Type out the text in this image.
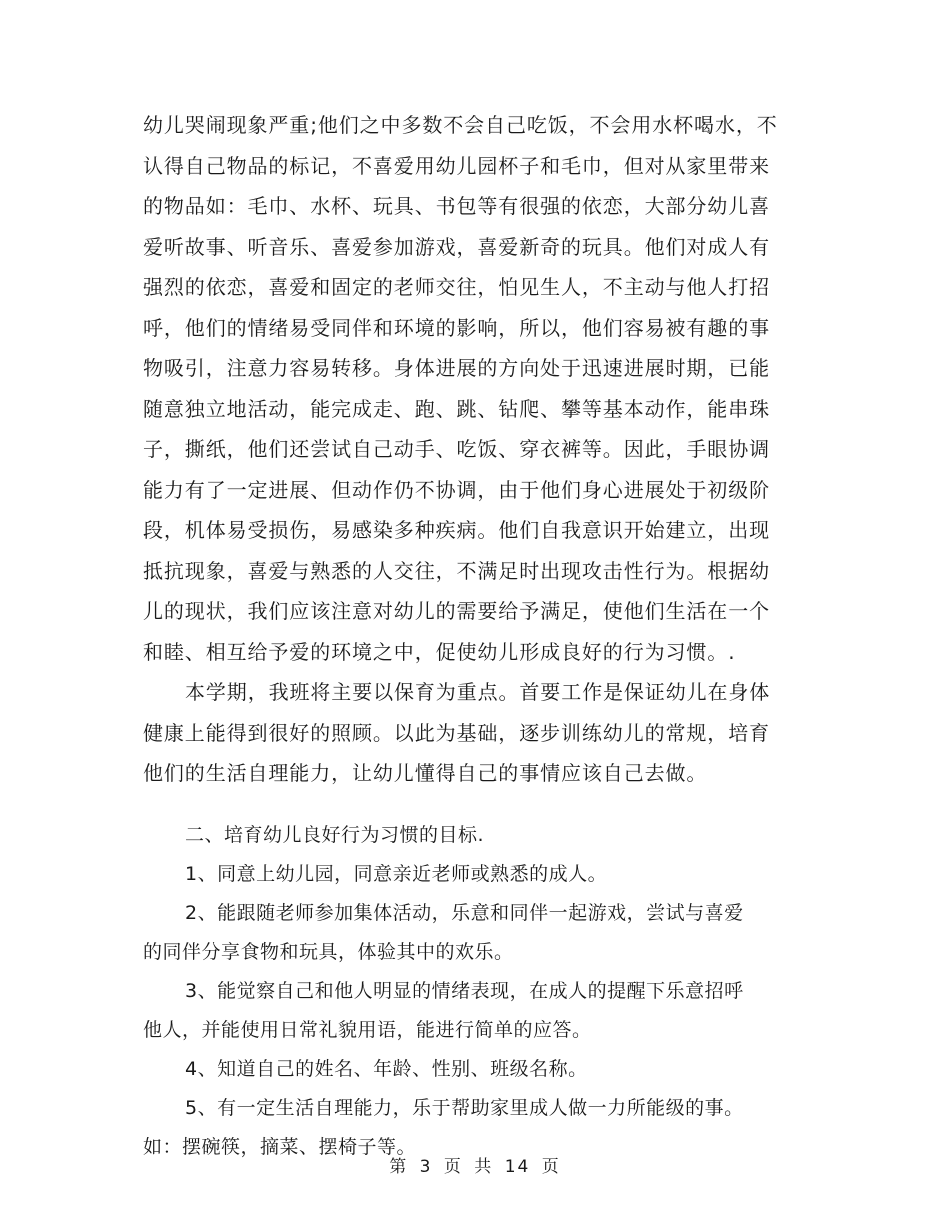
幼儿哭闹现象严重;他们之中多数不会自己吃饭，不会用水杯喝水，不
认得自己物品的标记，不喜爱用幼儿园杯子和毛巾，但对从家里带来
的物品如：毛巾、水杯、玩具、书包等有很强的依恋，大部分幼儿喜
爱听故事、听音乐、喜爱参加游戏，喜爱新奇的玩具。他们对成人有
强烈的依恋，喜爱和固定的老师交往，怕见生人，不主动与他人打招
呼，他们的情绪易受同伴和环境的影响，所以，他们容易被有趣的事
物吸引，注意力容易转移。身体进展的方向处于迅速进展时期，已能
随意独立地活动，能完成走、跑、跳、钻爬、攀等基本动作，能串珠
子，撕纸，他们还尝试自己动手、吃饭、穿衣裤等。因此，手眼协调
能力有了一定进展、但动作仍不协调，由于他们身心进展处于初级阶
段，机体易受损伤，易感染多种疾病。他们自我意识开始建立，出现
抵抗现象，喜爱与熟悉的人交往，不满足时出现攻击性行为。根据幼
儿的现状，我们应该注意对幼儿的需要给予满足，使他们生活在一个
和睦、相互给予爱的环境之中，促使幼儿形成良好的行为习惯。.
本学期，我班将主要以保育为重点。首要工作是保证幼儿在身体
健康上能得到很好的照顾。以此为基础，逐步训练幼儿的常规，培育
他们的生活自理能力，让幼儿懂得自己的事情应该自己去做。
二、培育幼儿良好行为习惯的目标.
1、同意上幼儿园，同意亲近老师或熟悉的成人。
2、能跟随老师参加集体活动，乐意和同伴一起游戏，尝试与喜爱
的同伴分享食物和玩具，体验其中的欢乐。
3、能觉察自己和他人明显的情绪表现，在成人的提醒下乐意招呼
他人，并能使用日常礼貌用语，能进行简单的应答。
4、知道自己的姓名、年龄、性别、班级名称。
5、有一定生活自理能力，乐于帮助家里成人做一力所能级的事。
如：摆碗筷，摘菜、摆椅子等。
第 3 页 共 14 页
